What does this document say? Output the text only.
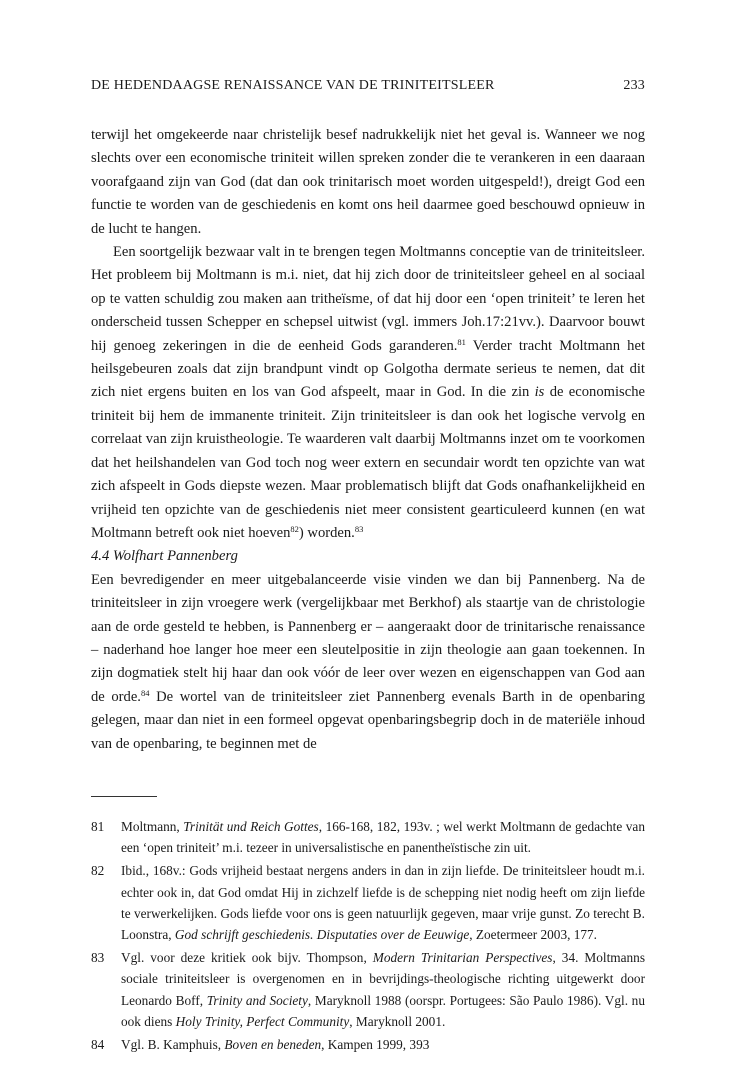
DE HEDENDAAGSE RENAISSANCE VAN DE TRINITEITSLEER	233

terwijl het omgekeerde naar christelijk besef nadrukkelijk niet het geval is. Wanneer we nog slechts over een economische triniteit willen spreken zonder die te verankeren in een daaraan voorafgaand zijn van God (dat dan ook trinitarisch moet worden uitgespeld!), dreigt God een functie te worden van de geschiedenis en komt ons heil daarmee goed beschouwd opnieuw in de lucht te hangen.

Een soortgelijk bezwaar valt in te brengen tegen Moltmanns conceptie van de triniteitsleer. Het probleem bij Moltmann is m.i. niet, dat hij zich door de triniteitsleer geheel en al sociaal op te vatten schuldig zou maken aan tritheïsme, of dat hij door een ‘open triniteit’ te leren het onderscheid tussen Schepper en schepsel uitwist (vgl. immers Joh.17:21vv.). Daarvoor bouwt hij genoeg zekeringen in die de eenheid Gods garanderen.$^{81}$ Verder tracht Moltmann het heilsgebeuren zoals dat zijn brandpunt vindt op Golgotha dermate serieus te nemen, dat dit zich niet ergens buiten en los van God afspeelt, maar in God. In die zin is de economische triniteit bij hem de immanente triniteit. Zijn triniteitsleer is dan ook het logische vervolg en correlaat van zijn kruistheologie. Te waarderen valt daarbij Moltmanns inzet om te voorkomen dat het heilshandelen van God toch nog weer extern en secundair wordt ten opzichte van wat zich afspeelt in Gods diepste wezen. Maar problematisch blijft dat Gods onafhankelijkheid en vrijheid ten opzichte van de geschiedenis niet meer consistent gearticuleerd kunnen (en wat Moltmann betreft ook niet hoeven$^{82}$) worden.$^{83}$

4.4 Wolfhart Pannenberg

Een bevredigender en meer uitgebalanceerde visie vinden we dan bij Pannenberg. Na de triniteitsleer in zijn vroegere werk (vergelijkbaar met Berkhof) als staartje van de christologie aan de orde gesteld te hebben, is Pannenberg er – aangeraakt door de trinitarische renaissance – naderhand hoe langer hoe meer een sleutelpositie in zijn theologie aan gaan toekennen. In zijn dogmatiek stelt hij haar dan ook vóór de leer over wezen en eigenschappen van God aan de orde.$^{84}$ De wortel van de triniteitsleer ziet Pannenberg evenals Barth in de openbaring gelegen, maar dan niet in een formeel opgevat openbaringsbegrip doch in de materiële inhoud van de openbaring, te beginnen met de

81	Moltmann, Trinität und Reich Gottes, 166-168, 182, 193v. ; wel werkt Moltmann de gedachte van een ‘open triniteit’ m.i. tezeer in universalistische en panentheïstische zin uit.
82	Ibid., 168v.: Gods vrijheid bestaat nergens anders in dan in zijn liefde. De triniteitsleer houdt m.i. echter ook in, dat God omdat Hij in zichzelf liefde is de schepping niet nodig heeft om zijn liefde te verwerkelijken. Gods liefde voor ons is geen natuurlijk gegeven, maar vrije gunst. Zo terecht B. Loonstra, God schrijft geschiedenis. Disputaties over de Eeuwige, Zoetermeer 2003, 177.
83	Vgl. voor deze kritiek ook bijv. Thompson, Modern Trinitarian Perspectives, 34. Moltmanns sociale triniteitsleer is overgenomen en in bevrijdings-theologische richting uitgewerkt door Leonardo Boff, Trinity and Society, Maryknoll 1988 (oorspr. Portugees: São Paulo 1986). Vgl. nu ook diens Holy Trinity, Perfect Community, Maryknoll 2001.
84	Vgl. B. Kamphuis, Boven en beneden, Kampen 1999, 393
